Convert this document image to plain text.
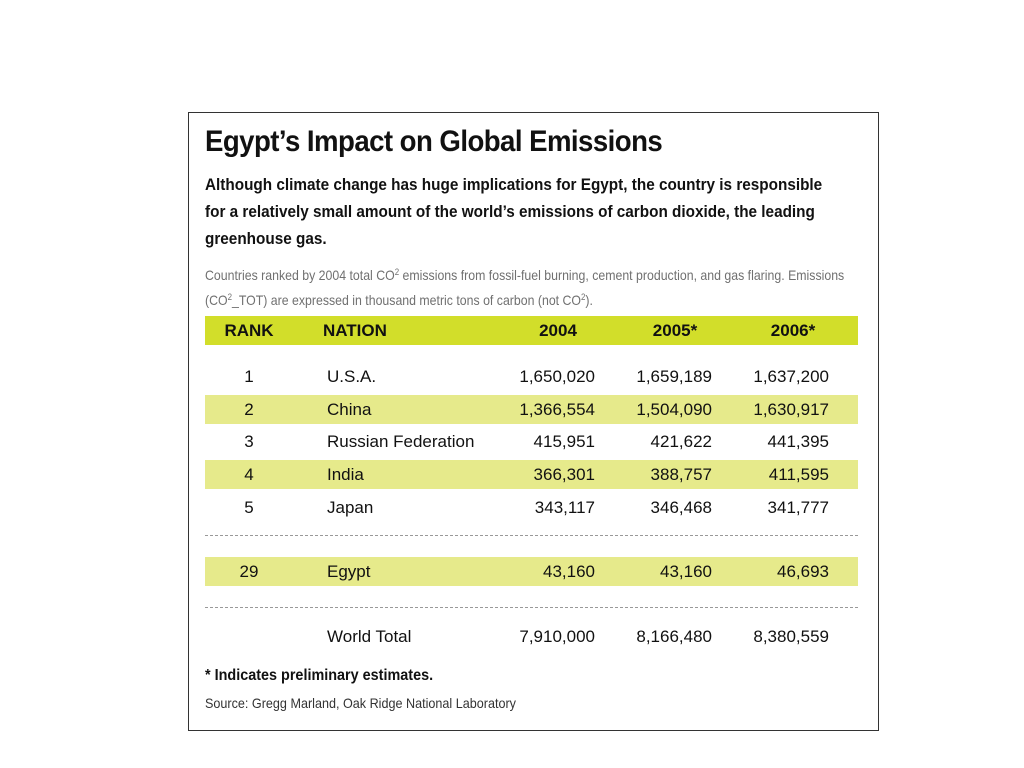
Egypt’s Impact on Global Emissions

Although climate change has huge implications for Egypt, the country is responsible for a relatively small amount of the world’s emissions of carbon dioxide, the leading greenhouse gas.

Countries ranked by 2004 total $CO^2$ emissions from fossil-fuel burning, cement production, and gas flaring. Emissions $(CO^2\_TOT)$ are expressed in thousand metric tons of carbon (not $CO^2$).

RANK	NATION	2004	2005*	2006*
1	U.S.A.	1,650,020 1,659,189 1,637,200
2	China	1,366,554 1,504,090 1,630,917
3	Russian Federation	415,951	421,622	441,395
4	India	366,301	388,757	411,595
5	Japan	343,117	346,468	341,777
29	Egypt	43,160	43,160	46,693
World Total	7,910,000 8,166,480 8,380,559

* Indicates preliminary estimates.

Source: Gregg Marland, Oak Ridge National Laboratory
